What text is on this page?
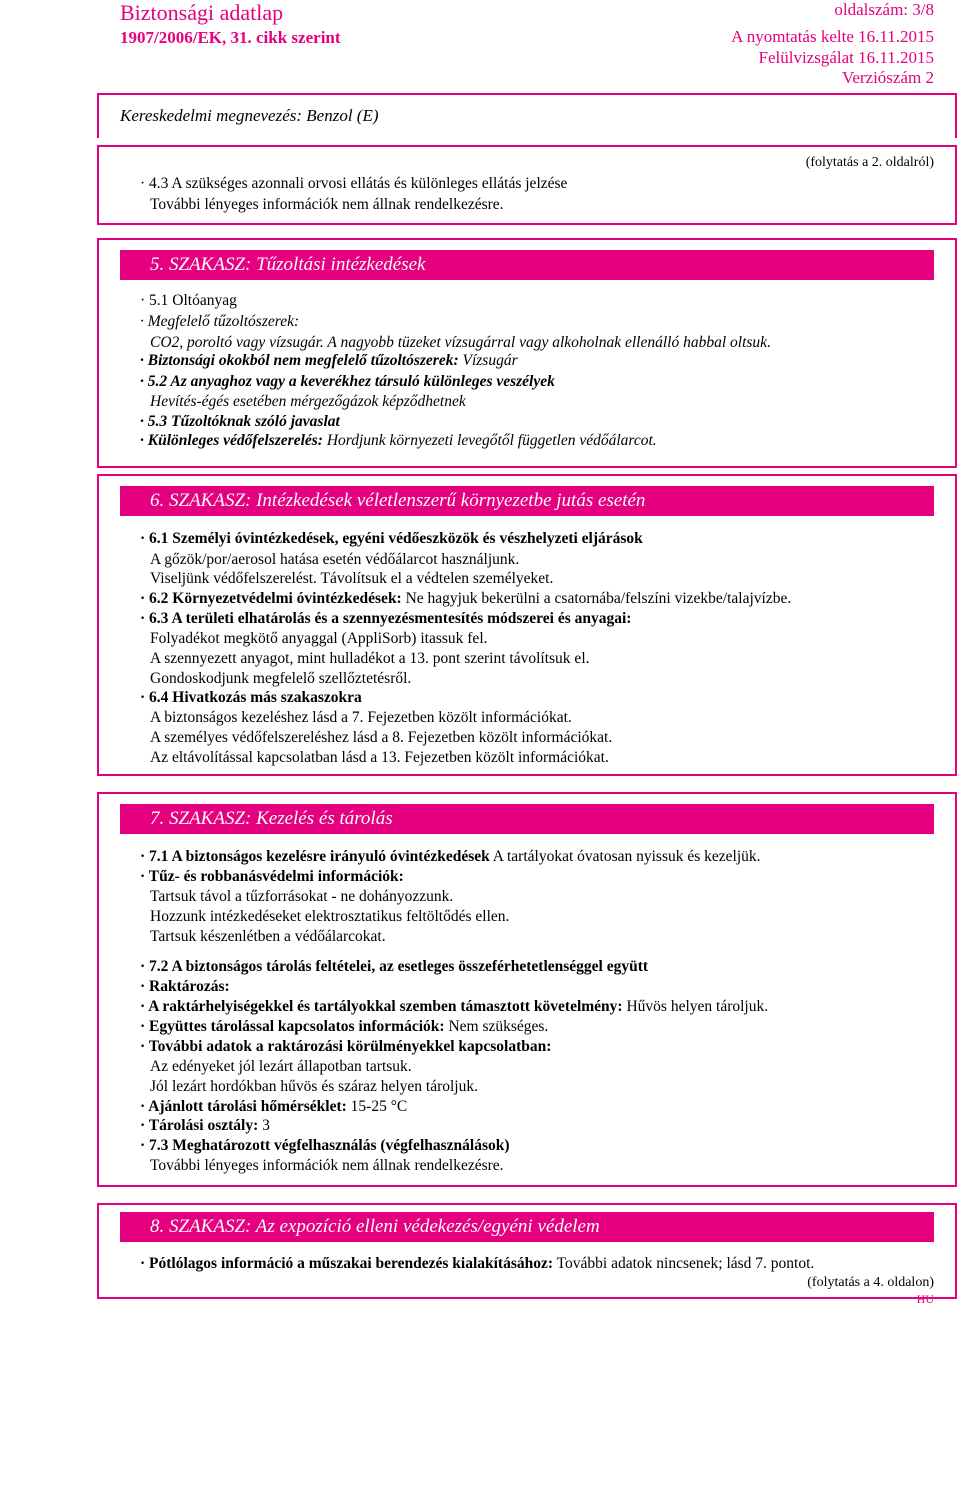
Biztonsági adatlap
1907/2006/EK, 31. cikk szerint
oldalszám: 3/8
A nyomtatás kelte 16.11.2015
Felülvizsgálat 16.11.2015
Verziószám 2
Kereskedelmi megnevezés: Benzol (E)
(folytatás a 2. oldalról)
· 4.3 A szükséges azonnali orvosi ellátás és különleges ellátás jelzése
További lényeges információk nem állnak rendelkezésre.
5. SZAKASZ: Tűzoltási intézkedések
· 5.1 Oltóanyag
· Megfelelő tűzoltószerek:
CO2, poroltó vagy vízsugár. A nagyobb tüzeket vízsugárral vagy alkoholnak ellenálló habbal oltsuk.
· Biztonsági okokból nem megfelelő tűzoltószerek: Vízsugár
· 5.2 Az anyaghoz vagy a keverékhez társuló különleges veszélyek
Hevítés-égés esetében mérgezőgázok képződhetnek
· 5.3 Tűzoltóknak szóló javaslat
· Különleges védőfelszerelés: Hordjunk környezeti levegőtől független védőálarcot.
6. SZAKASZ: Intézkedések véletlenszerű környezetbe jutás esetén
· 6.1 Személyi óvintézkedések, egyéni védőeszközök és vészhelyzeti eljárások
A gőzök/por/aerosol hatása esetén védőálarcot használjunk.
Viseljünk védőfelszerelést. Távolítsuk el a védtelen személyeket.
· 6.2 Környezetvédelmi óvintézkedések: Ne hagyjuk bekerülni a csatornába/felszíni vizekbe/talajvízbe.
· 6.3 A területi elhatárolás és a szennyezésmentesítés módszerei és anyagai:
Folyadékot megkötő anyaggal (AppliSorb) itassuk fel.
A szennyezett anyagot, mint hulladékot a 13. pont szerint távolítsuk el.
Gondoskodjunk megfelelő szellőztetésről.
· 6.4 Hivatkozás más szakaszokra
A biztonságos kezeléshez lásd a 7. Fejezetben közölt információkat.
A személyes védőfelszereléshez lásd a 8. Fejezetben közölt információkat.
Az eltávolítással kapcsolatban lásd a 13. Fejezetben közölt információkat.
7. SZAKASZ: Kezelés és tárolás
· 7.1 A biztonságos kezelésre irányuló óvintézkedések A tartályokat óvatosan nyissuk és kezeljük.
· Tűz- és robbanásvédelmi információk:
Tartsuk távol a tűzforrásokat - ne dohányozzunk.
Hozzunk intézkedéseket elektrosztatikus feltöltődés ellen.
Tartsuk készenlétben a védőálarcokat.
· 7.2 A biztonságos tárolás feltételei, az esetleges összeférhetetlenséggel együtt
· Raktározás:
· A raktárhelyiségekkel és tartályokkal szemben támasztott követelmény: Hűvös helyen tároljuk.
· Együttes tárolással kapcsolatos információk: Nem szükséges.
· További adatok a raktározási körülményekkel kapcsolatban:
Az edényeket jól lezárt állapotban tartsuk.
Jól lezárt hordókban hűvös és száraz helyen tároljuk.
· Ajánlott tárolási hőmérséklet: 15-25 °C
· Tárolási osztály: 3
· 7.3 Meghatározott végfelhasználás (végfelhasználások)
További lényeges információk nem állnak rendelkezésre.
8. SZAKASZ: Az expozíció elleni védekezés/egyéni védelem
· Pótlólagos információ a műszakai berendezés kialakításához: További adatok nincsenek; lásd 7. pontot.
(folytatás a 4. oldalon)
HU
